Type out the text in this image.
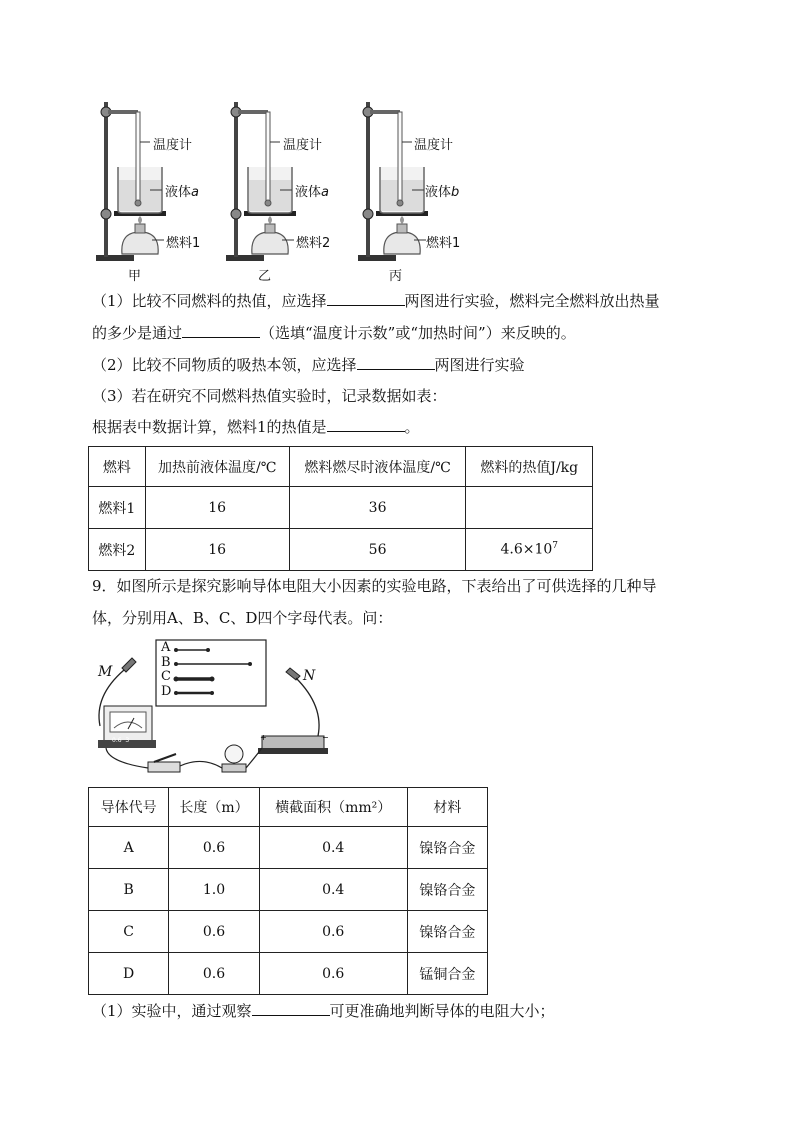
温度计
液体a
燃料1
甲
温度计
液体a
燃料2
乙
温度计
液体b
燃料1
丙
（1）比较不同燃料的热值，应选择	两图进行实验，燃料完全燃料放出热量
的多少是通过	（选填“温度计示数”或“加热时间”）来反映的。
（2）比较不同物质的吸热本领，应选择	两图进行实验
（3）若在研究不同燃料热值实验时，记录数据如表：
根据表中数据计算，燃料1的热值是	。
燃料	加热前液体温度/℃	燃料燃尽时液体温度/℃	燃料的热值J/kg
燃料1	16	36	
燃料2	16	56	$4.6\times 10^7$
9．如图所示是探究影响导体电阻大小因素的实验电路，下表给出了可供选择的几种导
体，分别用A、B、C、D四个字母代表。问：
+	−
M	N
A
B
C
D
0.6  3
导体代号	长度（m）	横截面积（mm²）	材料
A	0.6	0.4	镍铬合金
B	1.0	0.4	镍铬合金
C	0.6	0.6	镍铬合金
D	0.6	0.6	锰铜合金
（1）实验中，通过观察	可更准确地判断导体的电阻大小；
